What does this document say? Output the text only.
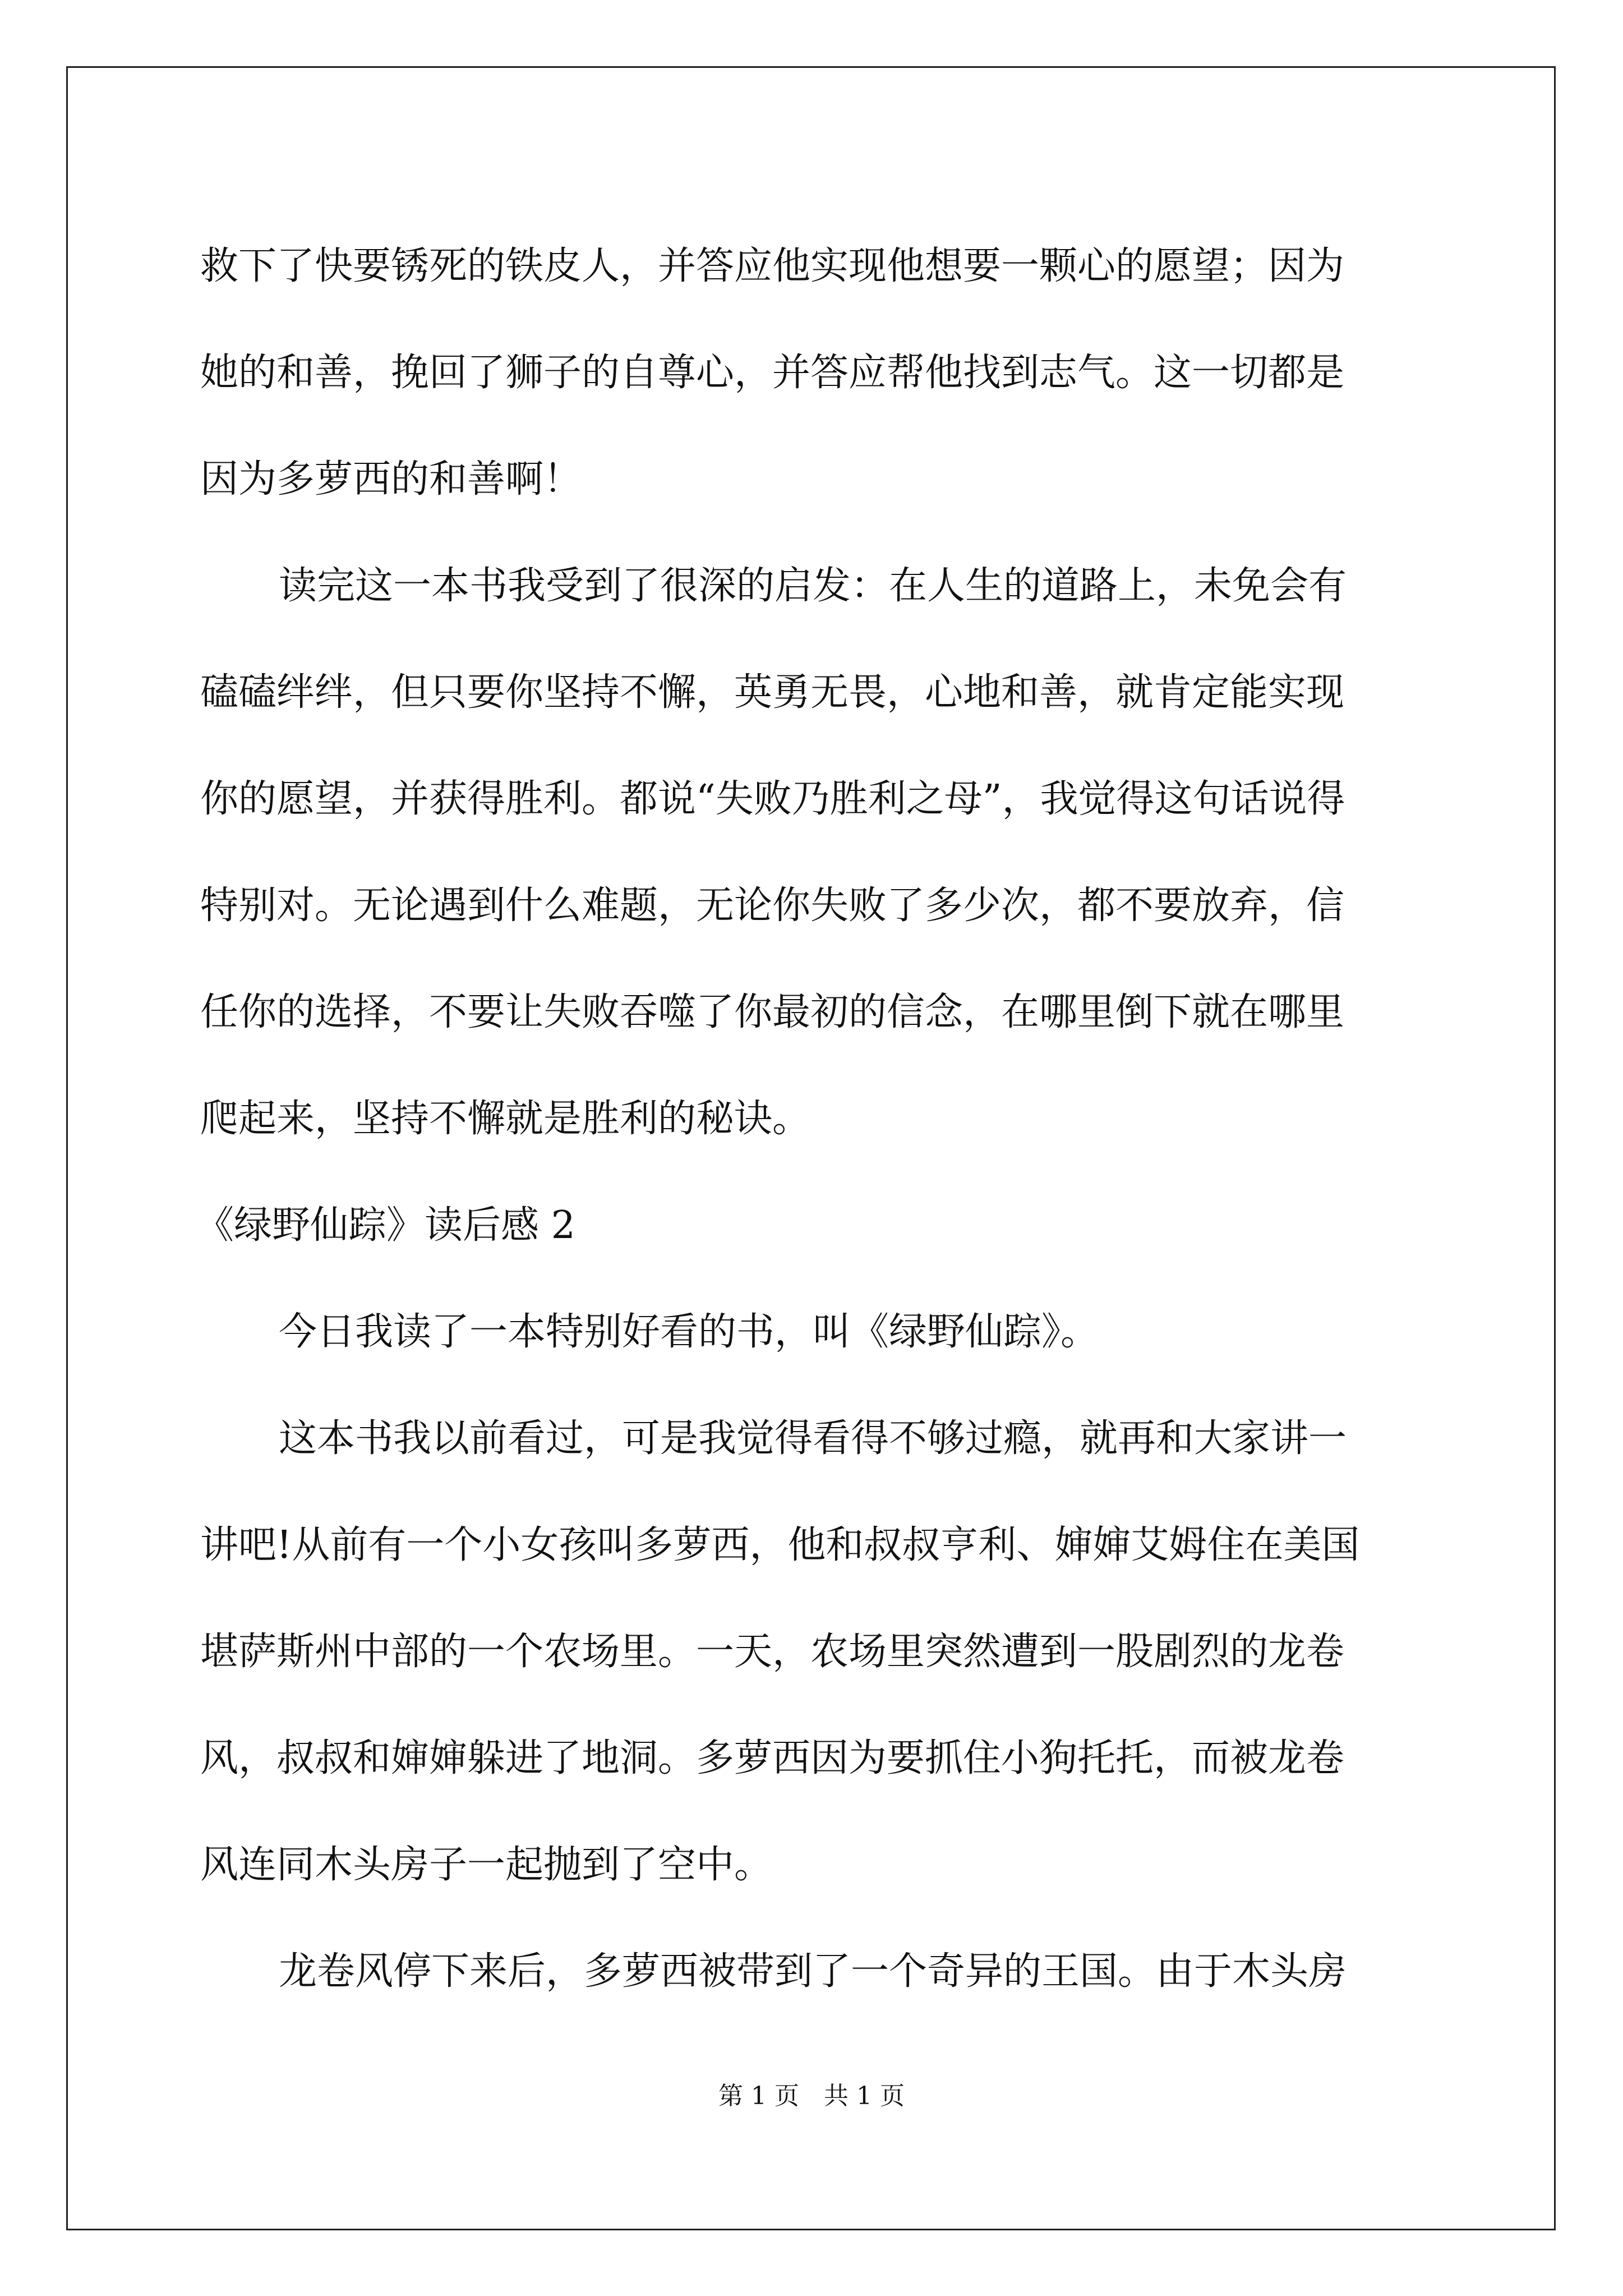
救下了快要锈死的铁皮人，并答应他实现他想要一颗心的愿望；因为
她的和善，挽回了狮子的自尊心，并答应帮他找到志气。这一切都是
因为多萝西的和善啊！
读完这一本书我受到了很深的启发：在人生的道路上，未免会有
磕磕绊绊，但只要你坚持不懈，英勇无畏，心地和善，就肯定能实现
你的愿望，并获得胜利。都说“失败乃胜利之母”，我觉得这句话说得
特别对。无论遇到什么难题，无论你失败了多少次，都不要放弃，信
任你的选择，不要让失败吞噬了你最初的信念，在哪里倒下就在哪里
爬起来，坚持不懈就是胜利的秘诀。
《绿野仙踪》读后感 2
今日我读了一本特别好看的书，叫《绿野仙踪》。
这本书我以前看过，可是我觉得看得不够过瘾，就再和大家讲一
讲吧!从前有一个小女孩叫多萝西，他和叔叔亨利、婶婶艾姆住在美国
堪萨斯州中部的一个农场里。一天，农场里突然遭到一股剧烈的龙卷
风，叔叔和婶婶躲进了地洞。多萝西因为要抓住小狗托托，而被龙卷
风连同木头房子一起抛到了空中。
龙卷风停下来后，多萝西被带到了一个奇异的王国。由于木头房
第 1 页　共 1 页
